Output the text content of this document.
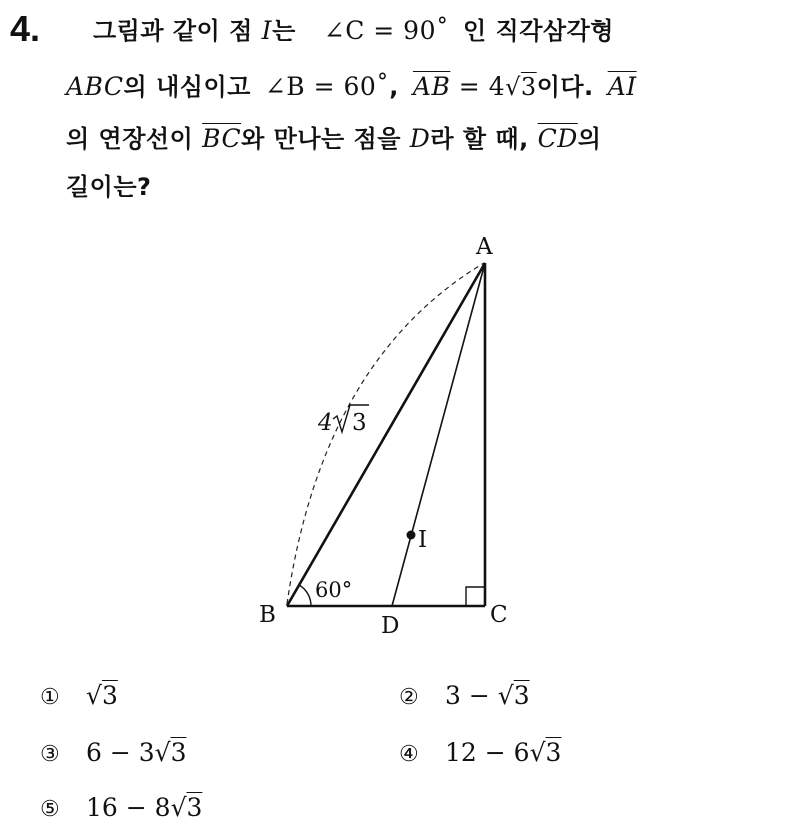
4. 그림과 같이 점 I는 ∠C = 90˚ 인 직각삼각형
ABC의 내심이고 ∠B = 60˚, $\overline{AB} = 4√3$이다. $\overline{AI}$
의 연장선이 $\overline{BC}$와 만나는 점을 D라 할 때, $\overline{CD}$의
길이는?
A
B	C
D
I
60°
4 3
① √3	② 3 − √3
③ 6 − 3√3	④ 12 − 6√3
⑤ 16 − 8√3
